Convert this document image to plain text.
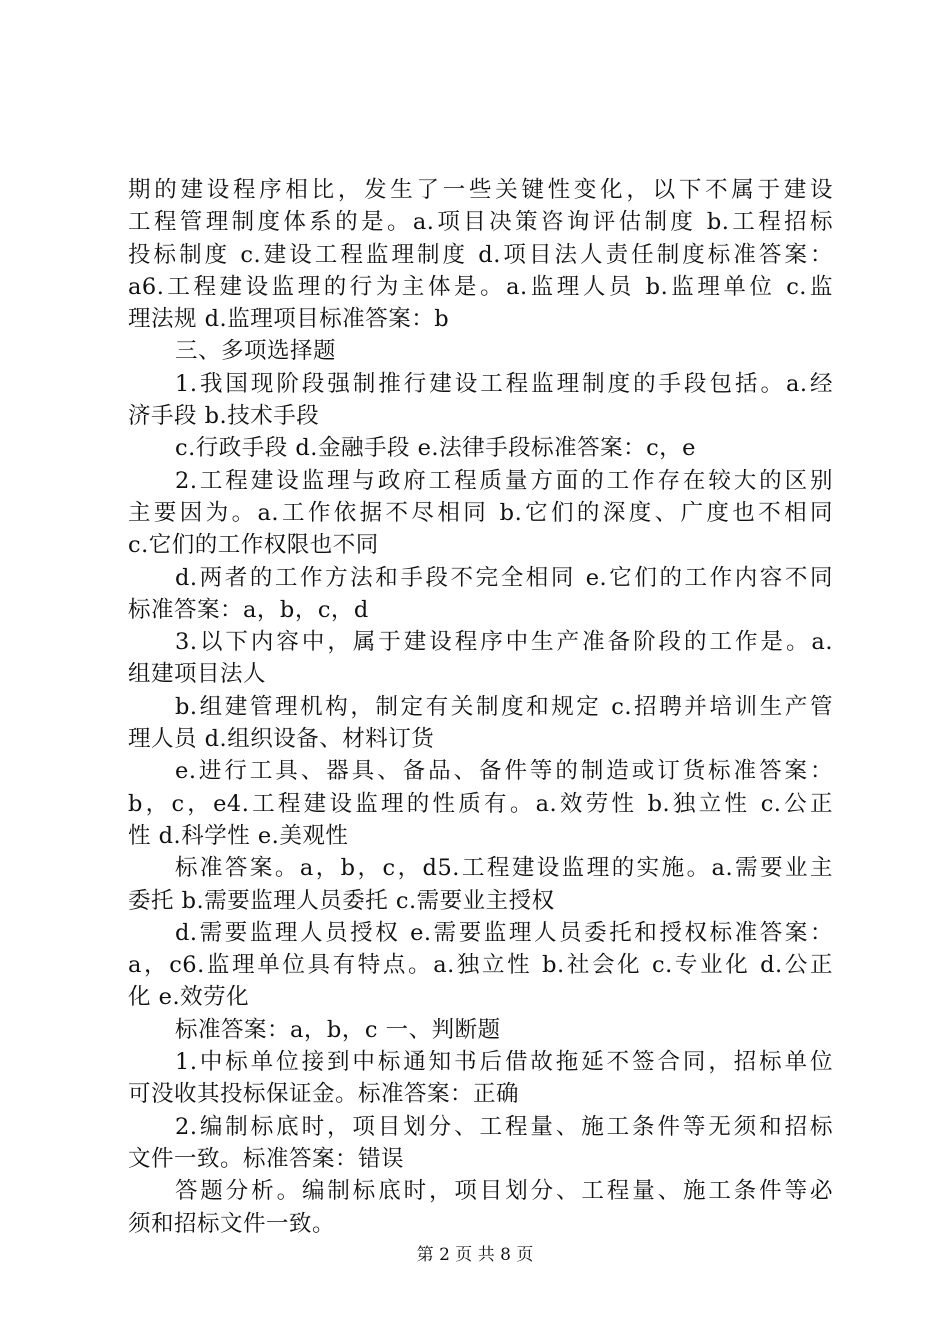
期的建设程序相比，发生了一些关键性变化，以下不属于建设
工程管理制度体系的是。a.项目决策咨询评估制度 b.工程招标
投标制度 c.建设工程监理制度 d.项目法人责任制度标准答案：
a6.工程建设监理的行为主体是。a.监理人员 b.监理单位 c.监
理法规 d.监理项目标准答案：b
三、多项选择题
1.我国现阶段强制推行建设工程监理制度的手段包括。a.经
济手段 b.技术手段
c.行政手段 d.金融手段 e.法律手段标准答案：c，e
2.工程建设监理与政府工程质量方面的工作存在较大的区别
主要因为。a.工作依据不尽相同 b.它们的深度、广度也不相同
c.它们的工作权限也不同
d.两者的工作方法和手段不完全相同 e.它们的工作内容不同
标准答案：a，b，c，d
3.以下内容中，属于建设程序中生产准备阶段的工作是。a.
组建项目法人
b.组建管理机构，制定有关制度和规定 c.招聘并培训生产管
理人员 d.组织设备、材料订货
e.进行工具、器具、备品、备件等的制造或订货标准答案：
b，c，e4.工程建设监理的性质有。a.效劳性 b.独立性 c.公正
性 d.科学性 e.美观性
标准答案。a，b，c，d5.工程建设监理的实施。a.需要业主
委托 b.需要监理人员委托 c.需要业主授权
d.需要监理人员授权 e.需要监理人员委托和授权标准答案：
a，c6.监理单位具有特点。a.独立性 b.社会化 c.专业化 d.公正
化 e.效劳化
标准答案：a，b，c 一、判断题
1.中标单位接到中标通知书后借故拖延不签合同，招标单位
可没收其投标保证金。标准答案：正确
2.编制标底时，项目划分、工程量、施工条件等无须和招标
文件一致。标准答案：错误
答题分析。编制标底时，项目划分、工程量、施工条件等必
须和招标文件一致。
第 2 页 共 8 页
